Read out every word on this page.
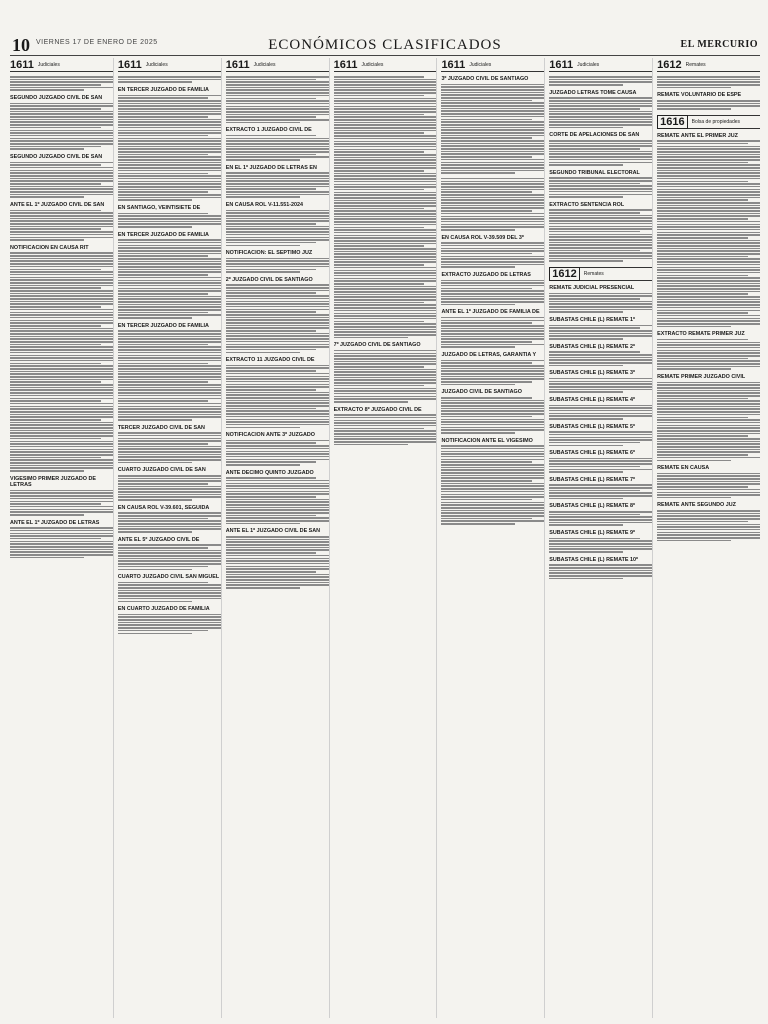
10 VIERNES 17 DE ENERO DE 2025	ECONÓMICOS CLASIFICADOS	EL MERCURIO
1611 Judiciales
SEGUNDO JUZGADO CIVIL DE SAN
SEGUNDO JUZGADO CIVIL DE SAN
ANTE EL 1º JUZGADO CIVIL DE SAN
NOTIFICACION EN CAUSA RIT
VIGESIMO PRIMER JUZGADO DE LETRAS
ANTE EL 1º JUZGADO DE LETRAS
1611 Judiciales
EN TERCER JUZGADO DE FAMILIA
EN SANTIAGO, VEINTISIETE DE
EN TERCER JUZGADO DE FAMILIA
EN TERCER JUZGADO DE FAMILIA
TERCER JUZGADO CIVIL DE SAN
CUARTO JUZGADO CIVIL DE SAN
EN CAUSA ROL V-39.601, SEGUIDA
ANTE EL 5º JUZGADO CIVIL DE
CUARTO JUZGADO CIVIL SAN MIGUEL
EN CUARTO JUZGADO DE FAMILIA
1611 Judiciales
EXTRACTO 1 JUZGADO CIVIL DE
EN EL 1º JUZGADO DE LETRAS EN
EN CAUSA ROL V-11.551-2024
NOTIFICACION: EL SEPTIMO JUZ
2º JUZGADO CIVIL DE SANTIAGO
EXTRACTO 11 JUZGADO CIVIL DE
NOTIFICACION ANTE 3º JUZGADO
ANTE DECIMO QUINTO JUZGADO
ANTE EL 1º JUZGADO CIVIL DE SAN
1611 Judiciales
7º JUZGADO CIVIL DE SANTIAGO
EXTRACTO 8º JUZGADO CIVIL DE
1611 Judiciales
3º JUZGADO CIVIL DE SANTIAGO
EN CAUSA ROL V-39.509 DEL 3º
EXTRACTO JUZGADO DE LETRAS
ANTE EL 1º JUZGADO DE FAMILIA DE
JUZGADO DE LETRAS, GARANTIA Y
JUZGADO CIVIL DE SANTIAGO
NOTIFICACION ANTE EL VIGESIMO
1611 Judiciales
JUZGADO LETRAS TOME CAUSA
CORTE DE APELACIONES DE SAN
SEGUNDO TRIBUNAL ELECTORAL
EXTRACTO SENTENCIA ROL
1612	Remates
REMATE JUDICIAL PRESENCIAL
SUBASTAS CHILE (L) REMATE 1º
SUBASTAS CHILE (L) REMATE 2º
SUBASTAS CHILE (L) REMATE 3º
SUBASTAS CHILE (L) REMATE 4º
SUBASTAS CHILE (L) REMATE 5º
SUBASTAS CHILE (L) REMATE 6º
SUBASTAS CHILE (L) REMATE 7º
SUBASTAS CHILE (L) REMATE 8º
SUBASTAS CHILE (L) REMATE 9º
SUBASTAS CHILE (L) REMATE 10º
1612 Remates
REMATE VOLUNTARIO DE ESPE
1616	Bolsa de propiedades
REMATE ANTE EL PRIMER JUZ
EXTRACTO REMATE PRIMER JUZ
REMATE PRIMER JUZGADO CIVIL
REMATE EN CAUSA
REMATE ANTE SEGUNDO JUZ
